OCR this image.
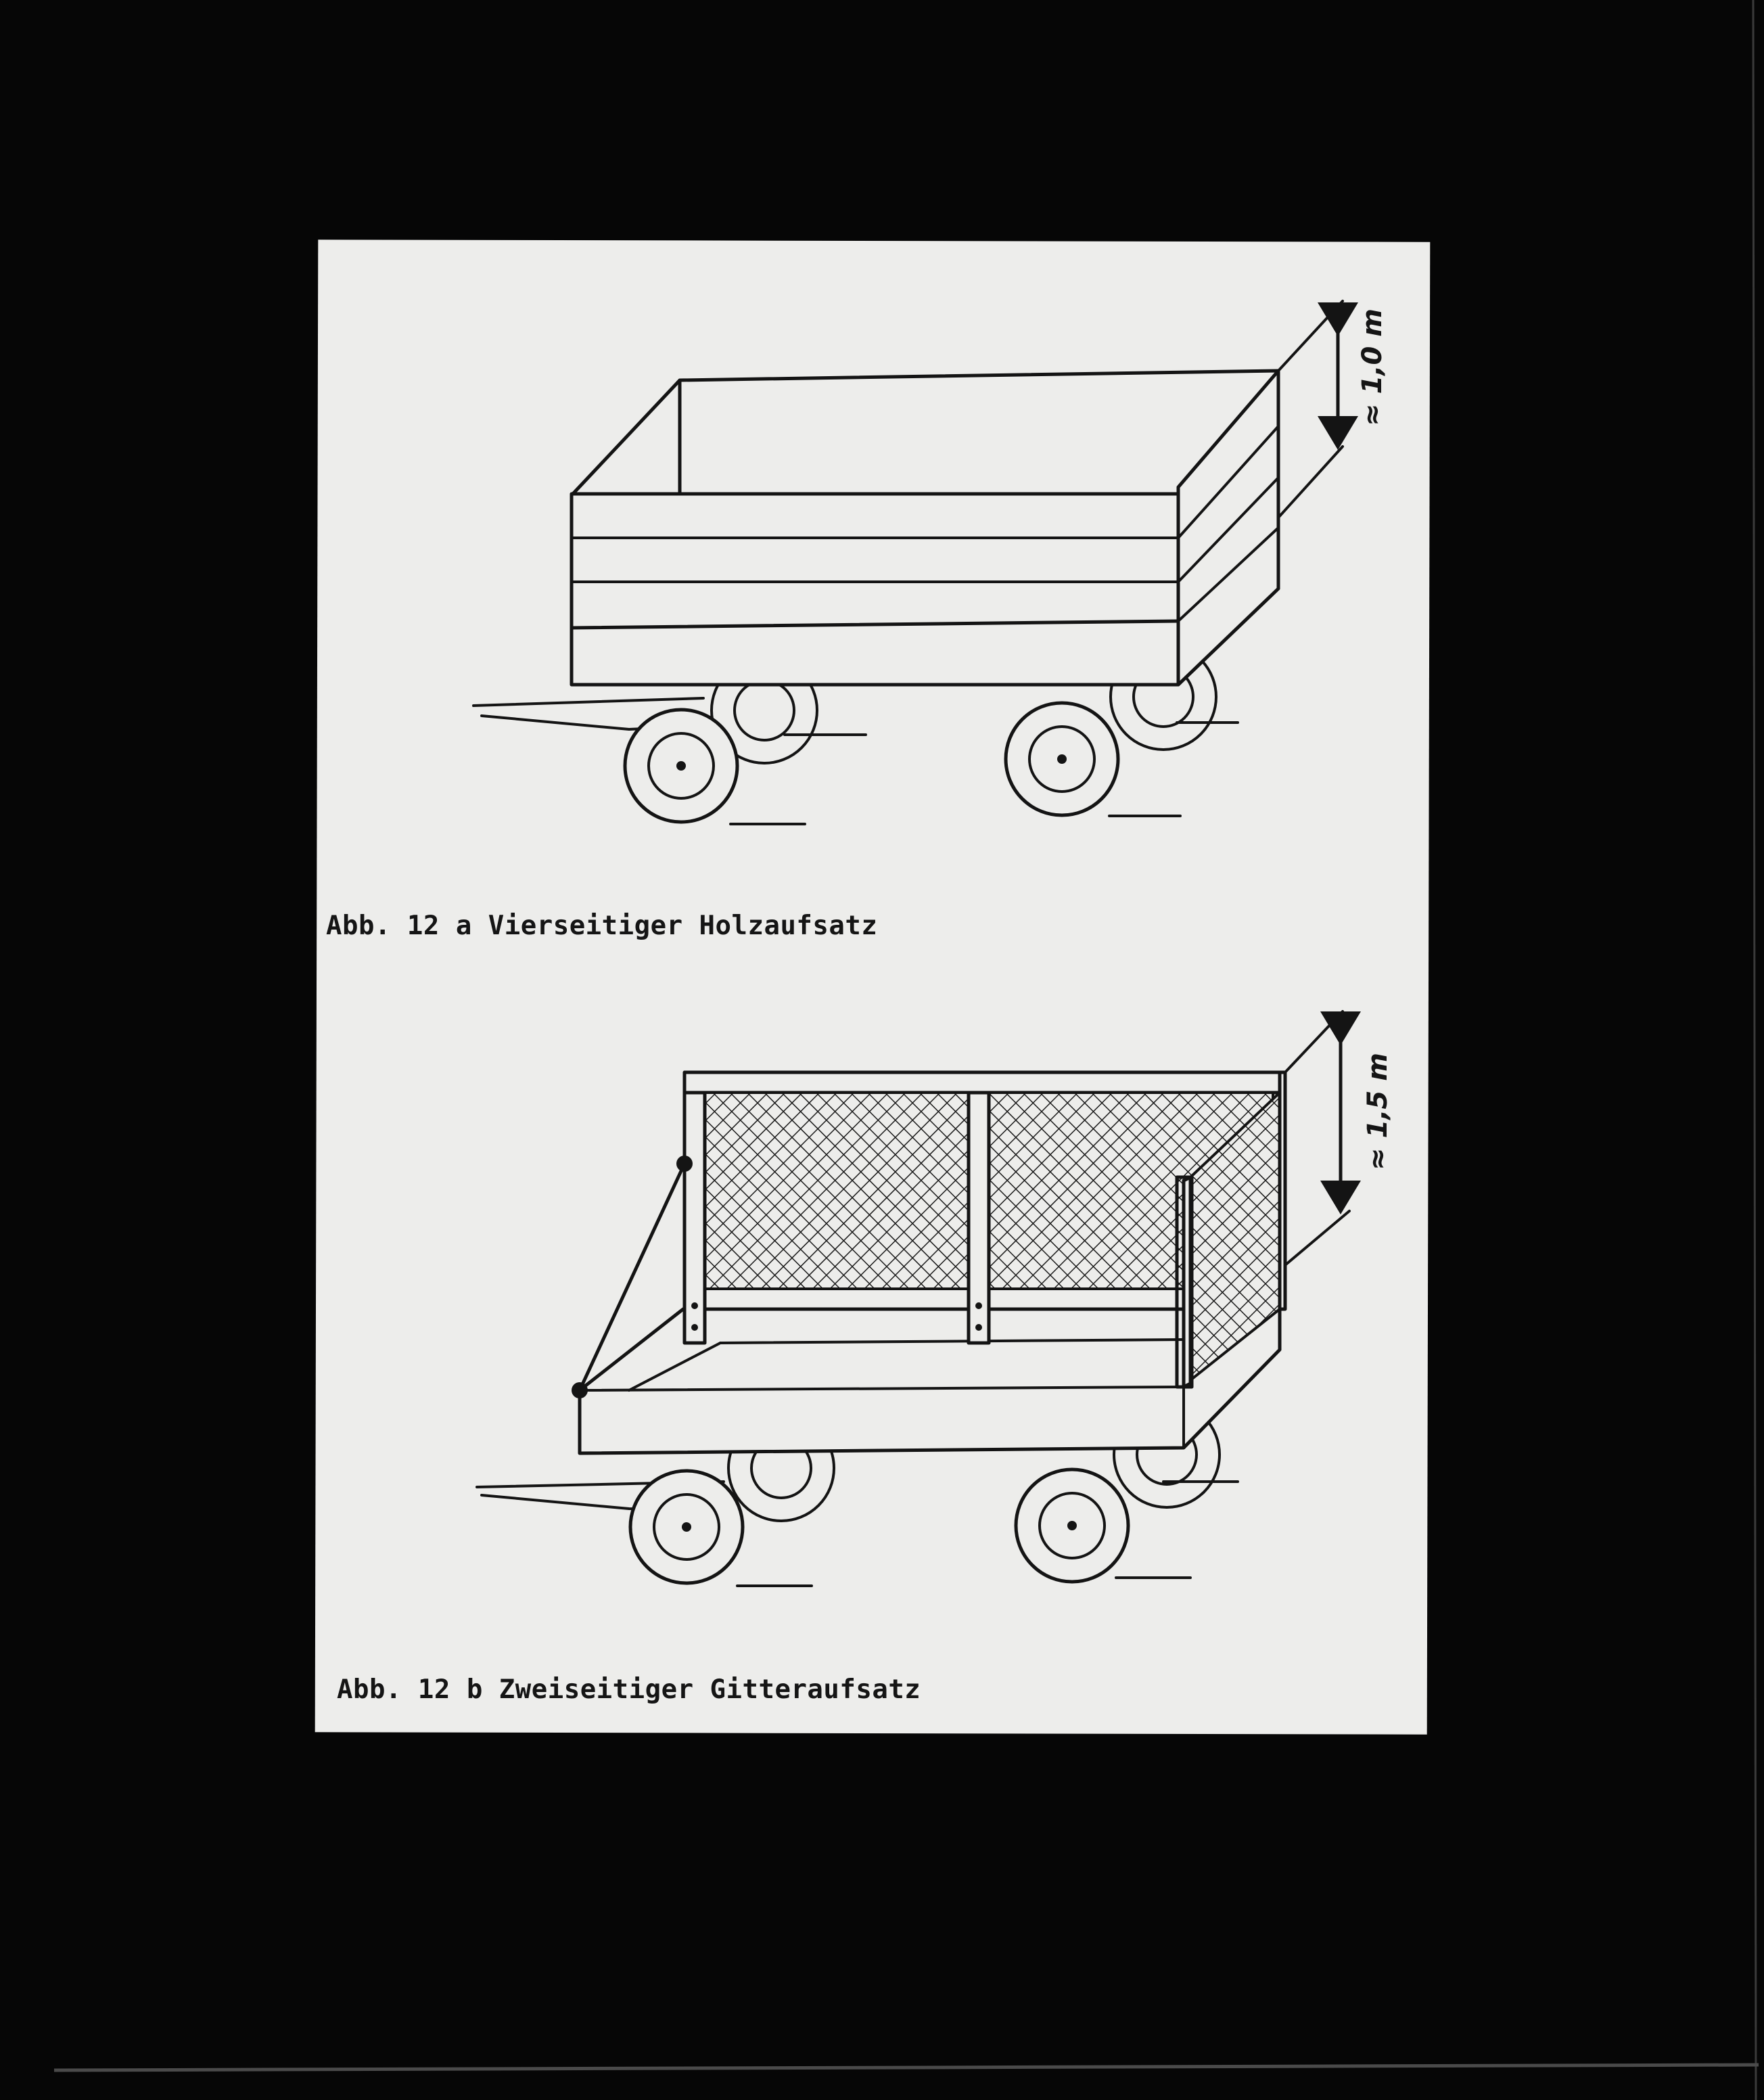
≈ 1,0 m
≈ 1,5 m
Abb. 12 a Vierseitiger Holzaufsatz
Abb. 12 b Zweiseitiger Gitteraufsatz
